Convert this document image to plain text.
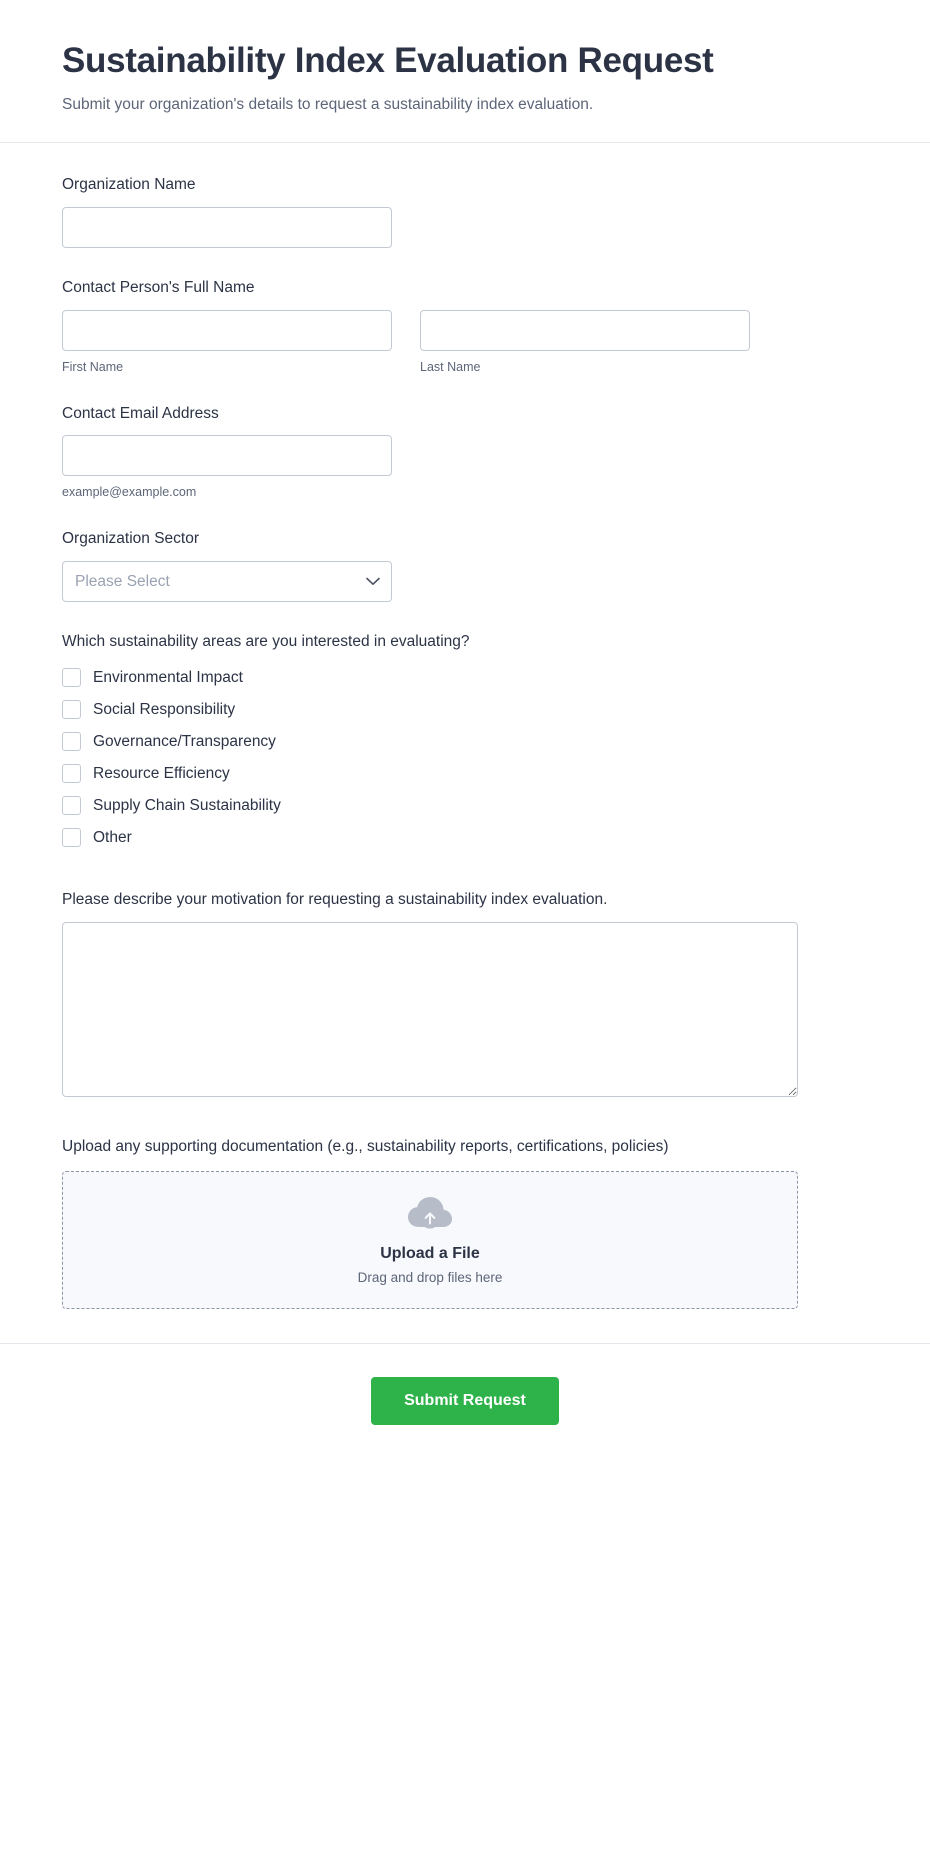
Sustainability Index Evaluation Request

Submit your organization's details to request a sustainability index evaluation.

Organization Name
Contact Person's Full Name
First Name	Last Name
Contact Email Address
example@example.com
Organization Sector
Please Select
Which sustainability areas are you interested in evaluating?
Environmental Impact
Social Responsibility
Governance/Transparency
Resource Efficiency
Supply Chain Sustainability
Other
Please describe your motivation for requesting a sustainability index evaluation.
Upload any supporting documentation (e.g., sustainability reports, certifications, policies)
Upload a File
Drag and drop files here
Submit Request
